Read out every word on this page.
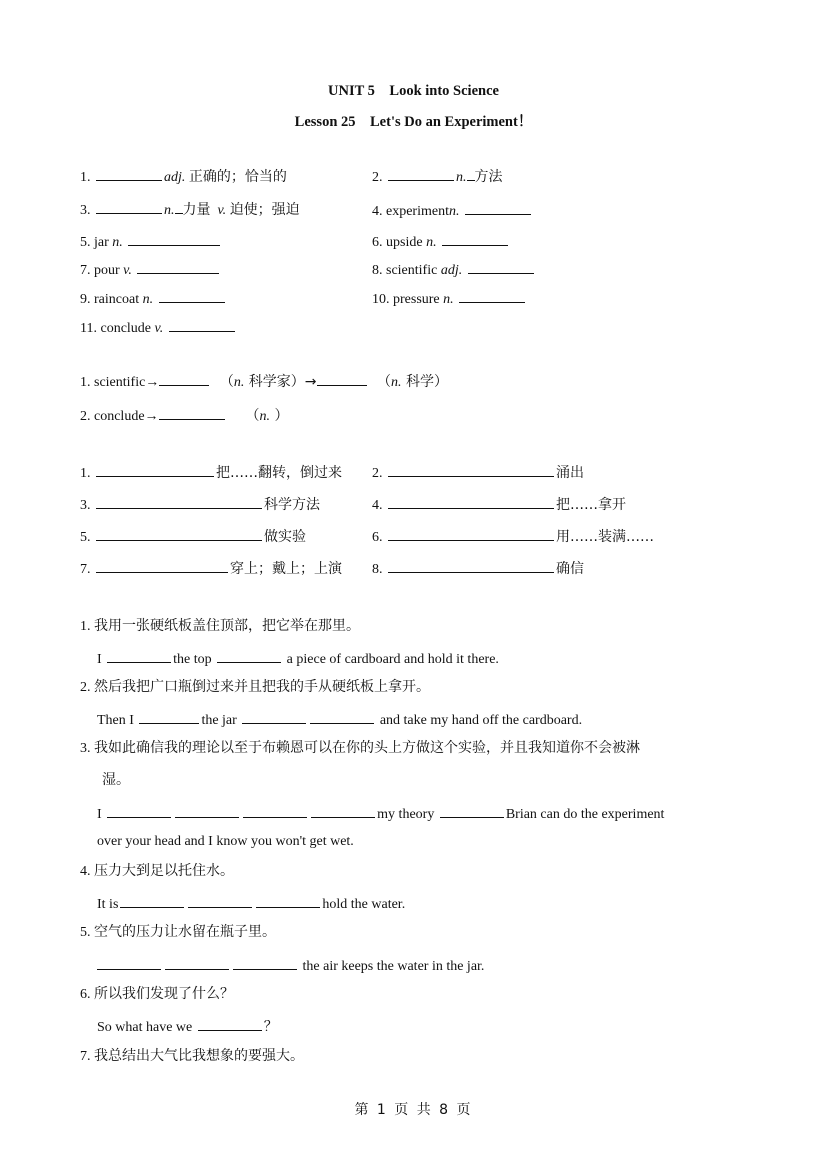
UNIT 5　Look into Science
Lesson 25　Let's Do an Experiment！
1.	adj. 正确的；恰当的	2.	n. 方法
3.	n. 力量 v. 迫使；强迫	4. experimentn.
5. jar n.	6. upside n.
7. pour v.	8. scientific adj.
9. raincoat n.	10. pressure n.
11. conclude v.
1. scientific→	（n. 科学家）→	（n. 科学）
2. conclude→	（n. ）
1.	把……翻转，倒过来 2.	涌出
3.	科学方法	4.	把……拿开
5.	做实验	6.	用……装满……
7.	穿上；戴上；上演 8.	确信
1. 我用一张硬纸板盖住顶部，把它举在那里。
I	the top	a piece of cardboard and hold it there.
2. 然后我把广口瓶倒过来并且把我的手从硬纸板上拿开。
Then I	the jar	and take my hand off the cardboard.
3. 我如此确信我的理论以至于布赖恩可以在你的头上方做这个实验，并且我知道你不会被淋
湿。
I	my theory	Brian can do the experiment
over your head and I know you won't get wet.
4. 压力大到足以托住水。
It is	hold the water.
5. 空气的压力让水留在瓶子里。
the air keeps the water in the jar.
6. 所以我们发现了什么？
So what have we	？
7. 我总结出大气比我想象的要强大。
第 1 页 共 8 页
